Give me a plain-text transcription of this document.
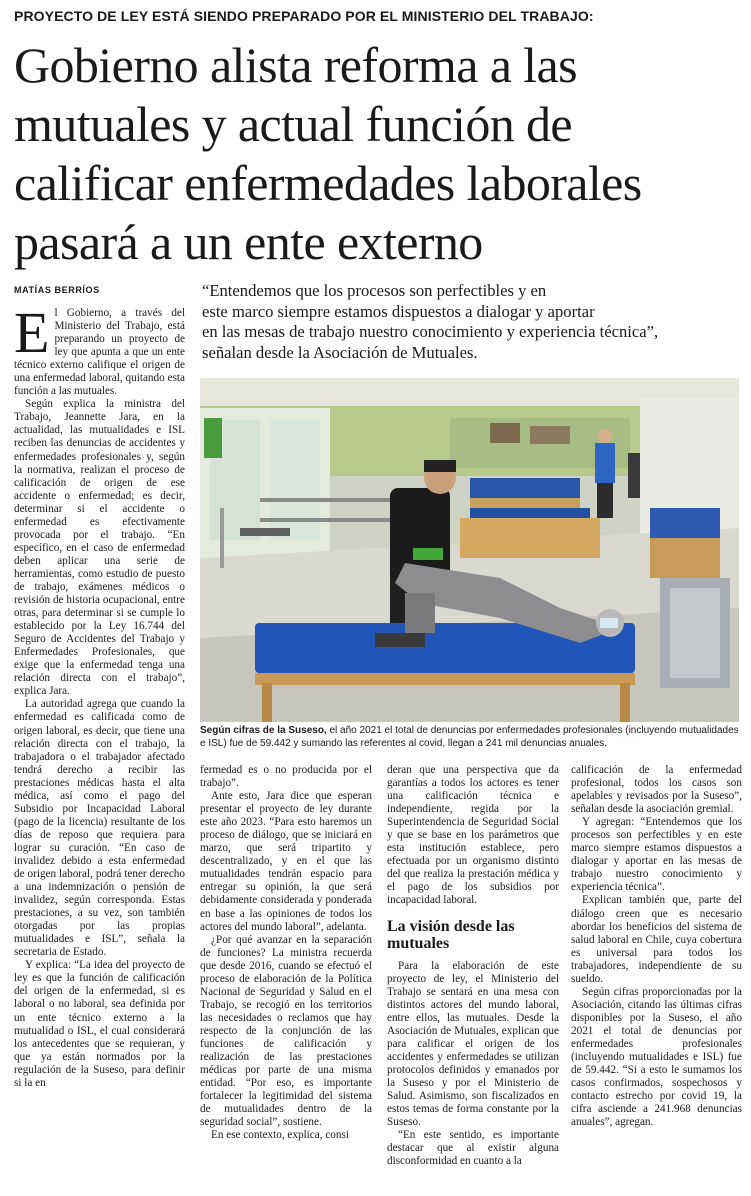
PROYECTO DE LEY ESTÁ SIENDO PREPARADO POR EL MINISTERIO DEL TRABAJO:
Gobierno alista reforma a las
mutuales y actual función de
calificar enfermedades laborales
pasará a un ente externo
MATÍAS BERRÍOS	“Entendemos que los procesos son perfectibles y en
este marco siempre estamos dispuestos a dialogar y aportar
en las mesas de trabajo nuestro conocimiento y experiencia técnica”,
señalan desde la Asociación de Mutuales.
Según cifras de la Suseso, el año 2021 el total de denuncias por enfermedades profesionales (incluyendo mutualidades e ISL) fue de 59.442 y sumando las referentes al covid, llegan a 241 mil denuncias anuales.

El Gobierno, a través del Ministerio del Trabajo, está preparando un proyecto de ley que apunta a que un ente técnico externo califique el origen de una enfermedad laboral, quitando esta función a las mutuales.

Según explica la ministra del Trabajo, Jeannette Jara, en la actualidad, las mutualidades e ISL reciben las denuncias de accidentes y enfermedades profesionales y, según la normativa, realizan el proceso de calificación de origen de ese accidente o enfermedad; es decir, determinar si el accidente o enfermedad es efectivamente provocada por el trabajo. “En específico, en el caso de enfermedad deben aplicar una serie de herramientas, como estudio de puesto de trabajo, exámenes médicos o revisión de historia ocupacional, entre otras, para determinar si se cumple lo establecido por la Ley 16.744 del Seguro de Accidentes del Trabajo y Enfermedades Profesionales, que exige que la enfermedad tenga una relación directa con el trabajo”, explica Jara.

La autoridad agrega que cuando la enfermedad es calificada como de origen laboral, es decir, que tiene una relación directa con el trabajo, la trabajadora o el trabajador afectado tendrá derecho a recibir las prestaciones médicas hasta el alta médica, así como el pago del Subsidio por Incapacidad Laboral (pago de la licencia) resultante de los días de reposo que requiera para lograr su curación. “En caso de invalidez debido a esta enfermedad de origen laboral, podrá tener derecho a una indemnización o pensión de invalidez, según corresponda. Estas prestaciones, a su vez, son también otorgadas por las propias mutualidades e ISL”, señala la secretaria de Estado.

Y explica: “La idea del proyecto de ley es que la función de calificación del origen de la enfermedad, si es laboral o no laboral, sea definida por un ente técnico externo a la mutualidad o ISL, el cual considerará los antecedentes que se requieran, y que ya están normados por la regulación de la Suseso, para definir si la en

fermedad es o no producida por el trabajo”.

Ante esto, Jara dice que esperan presentar el proyecto de ley durante este año 2023. “Para esto haremos un proceso de diálogo, que se iniciará en marzo, que será tripartito y descentralizado, y en el que las mutualidades tendrán espacio para entregar su opinión, la que será debidamente considerada y ponderada en base a las opiniones de todos los actores del mundo laboral”, adelanta.

¿Por qué avanzar en la separación de funciones? La ministra recuerda que desde 2016, cuando se efectuó el proceso de elaboración de la Política Nacional de Seguridad y Salud en el Trabajo, se recogió en los territorios las necesidades o reclamos que hay respecto de la conjunción de las funciones de calificación y realización de las prestaciones médicas por parte de una misma entidad. “Por eso, es importante fortalecer la legitimidad del sistema de mutualidades dentro de la seguridad social”, sostiene.

En ese contexto, explica, consi

deran que una perspectiva que da garantías a todos los actores es tener una calificación técnica e independiente, regida por la Superintendencia de Seguridad Social y que se base en los parámetros que esta institución establece, pero efectuada por un organismo distinto del que realiza la prestación médica y el pago de los subsidios por incapacidad laboral.

La visión desde las mutuales

Para la elaboración de este proyecto de ley, el Ministerio del Trabajo se sentará en una mesa con distintos actores del mundo laboral, entre ellos, las mutuales. Desde la Asociación de Mutuales, explican que para calificar el origen de los accidentes y enfermedades se utilizan protocolos definidos y emanados por la Suseso y por el Ministerio de Salud. Asimismo, son fiscalizados en estos temas de forma constante por la Suseso.

“En este sentido, es importante destacar que al existir alguna disconformidad en cuanto a la

calificación de la enfermedad profesional, todos los casos son apelables y revisados por la Suseso”, señalan desde la asociación gremial.

Y agregan: “Entendemos que los procesos son perfectibles y en este marco siempre estamos dispuestos a dialogar y aportar en las mesas de trabajo nuestro conocimiento y experiencia técnica”.

Explican también que, parte del diálogo creen que es necesario abordar los beneficios del sistema de salud laboral en Chile, cuya cobertura es universal para todos los trabajadores, independiente de su sueldo.

Según cifras proporcionadas por la Asociación, citando las últimas cifras disponibles por la Suseso, el año 2021 el total de denuncias por enfermedades profesionales (incluyendo mutualidades e ISL) fue de 59.442. “Si a esto le sumamos los casos confirmados, sospechosos y contacto estrecho por covid 19, la cifra asciende a 241.968 denuncias anuales”, agregan.
